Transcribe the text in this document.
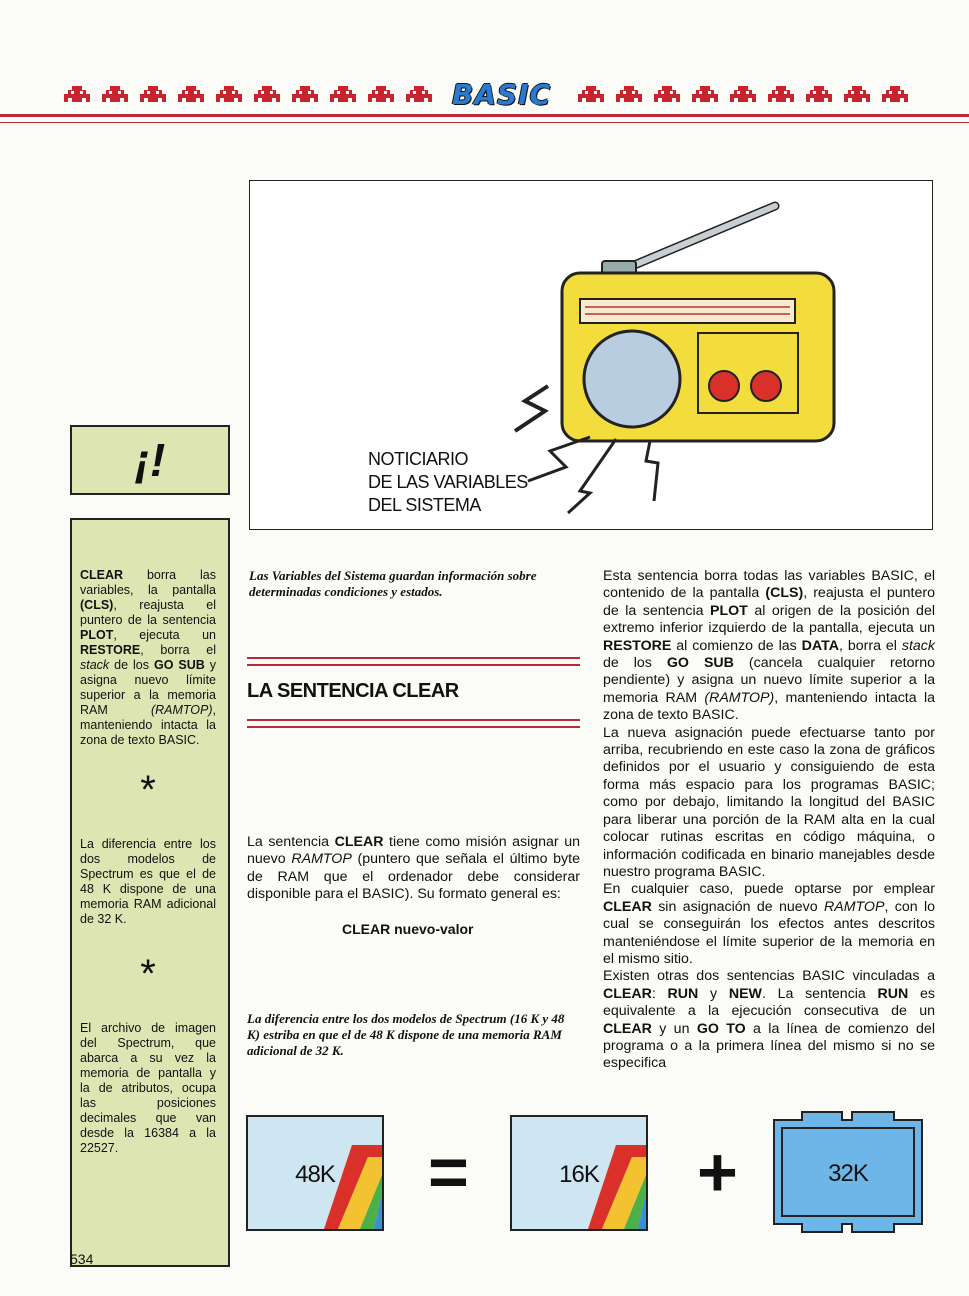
BASIC
¡!
CLEAR borra las variables, la pantalla (CLS), reajusta el puntero de la sentencia PLOT, ejecuta un RESTORE, borra el stack de los GO SUB y asigna nuevo límite superior a la memoria RAM (RAMTOP), manteniendo intacta la zona de texto BASIC.
*
La diferencia entre los dos modelos de Spectrum es que el de 48 K dispone de una memoria RAM adicional de 32 K.
*
El archivo de imagen del Spectrum, que abarca a su vez la memoria de pantalla y la de atributos, ocupa las posiciones decimales que van desde la 16384 a la 22527.
NOTICIARIO
DE LAS VARIABLES
DEL SISTEMA
Las Variables del Sistema guardan información sobre determinadas condiciones y estados.
LA SENTENCIA CLEAR
La sentencia CLEAR tiene como misión asignar un nuevo RAMTOP (puntero que señala el último byte de RAM que el ordenador debe considerar disponible para el BASIC). Su formato general es:
CLEAR nuevo-valor
La diferencia entre los dos modelos de Spectrum (16 K y 48 K) estriba en que el de 48 K dispone de una memoria RAM adicional de 32 K.
Esta sentencia borra todas las variables BASIC, el contenido de la pantalla (CLS), reajusta el puntero de la sentencia PLOT al origen de la posición del extremo inferior izquierdo de la pantalla, ejecuta un RESTORE al comienzo de las DATA, borra el stack de los GO SUB (cancela cualquier retorno pendiente) y asigna un nuevo límite superior a la memoria RAM (RAMTOP), manteniendo intacta la zona de texto BASIC.
La nueva asignación puede efectuarse tanto por arriba, recubriendo en este caso la zona de gráficos definidos por el usuario y consiguiendo de esta forma más espacio para los programas BASIC; como por debajo, limitando la longitud del BASIC para liberar una porción de la RAM alta en la cual colocar rutinas escritas en código máquina, o información codificada en binario manejables desde nuestro programa BASIC.
En cualquier caso, puede optarse por emplear CLEAR sin asignación de nuevo RAMTOP, con lo cual se conseguirán los efectos antes descritos manteniéndose el límite superior de la memoria en el mismo sitio.
Existen otras dos sentencias BASIC vinculadas a CLEAR: RUN y NEW. La sentencia RUN es equivalente a la ejecución consecutiva de un CLEAR y un GO TO a la línea de comienzo del programa o a la primera línea del mismo si no se especifica
48K	=	16K	+	32K
534
